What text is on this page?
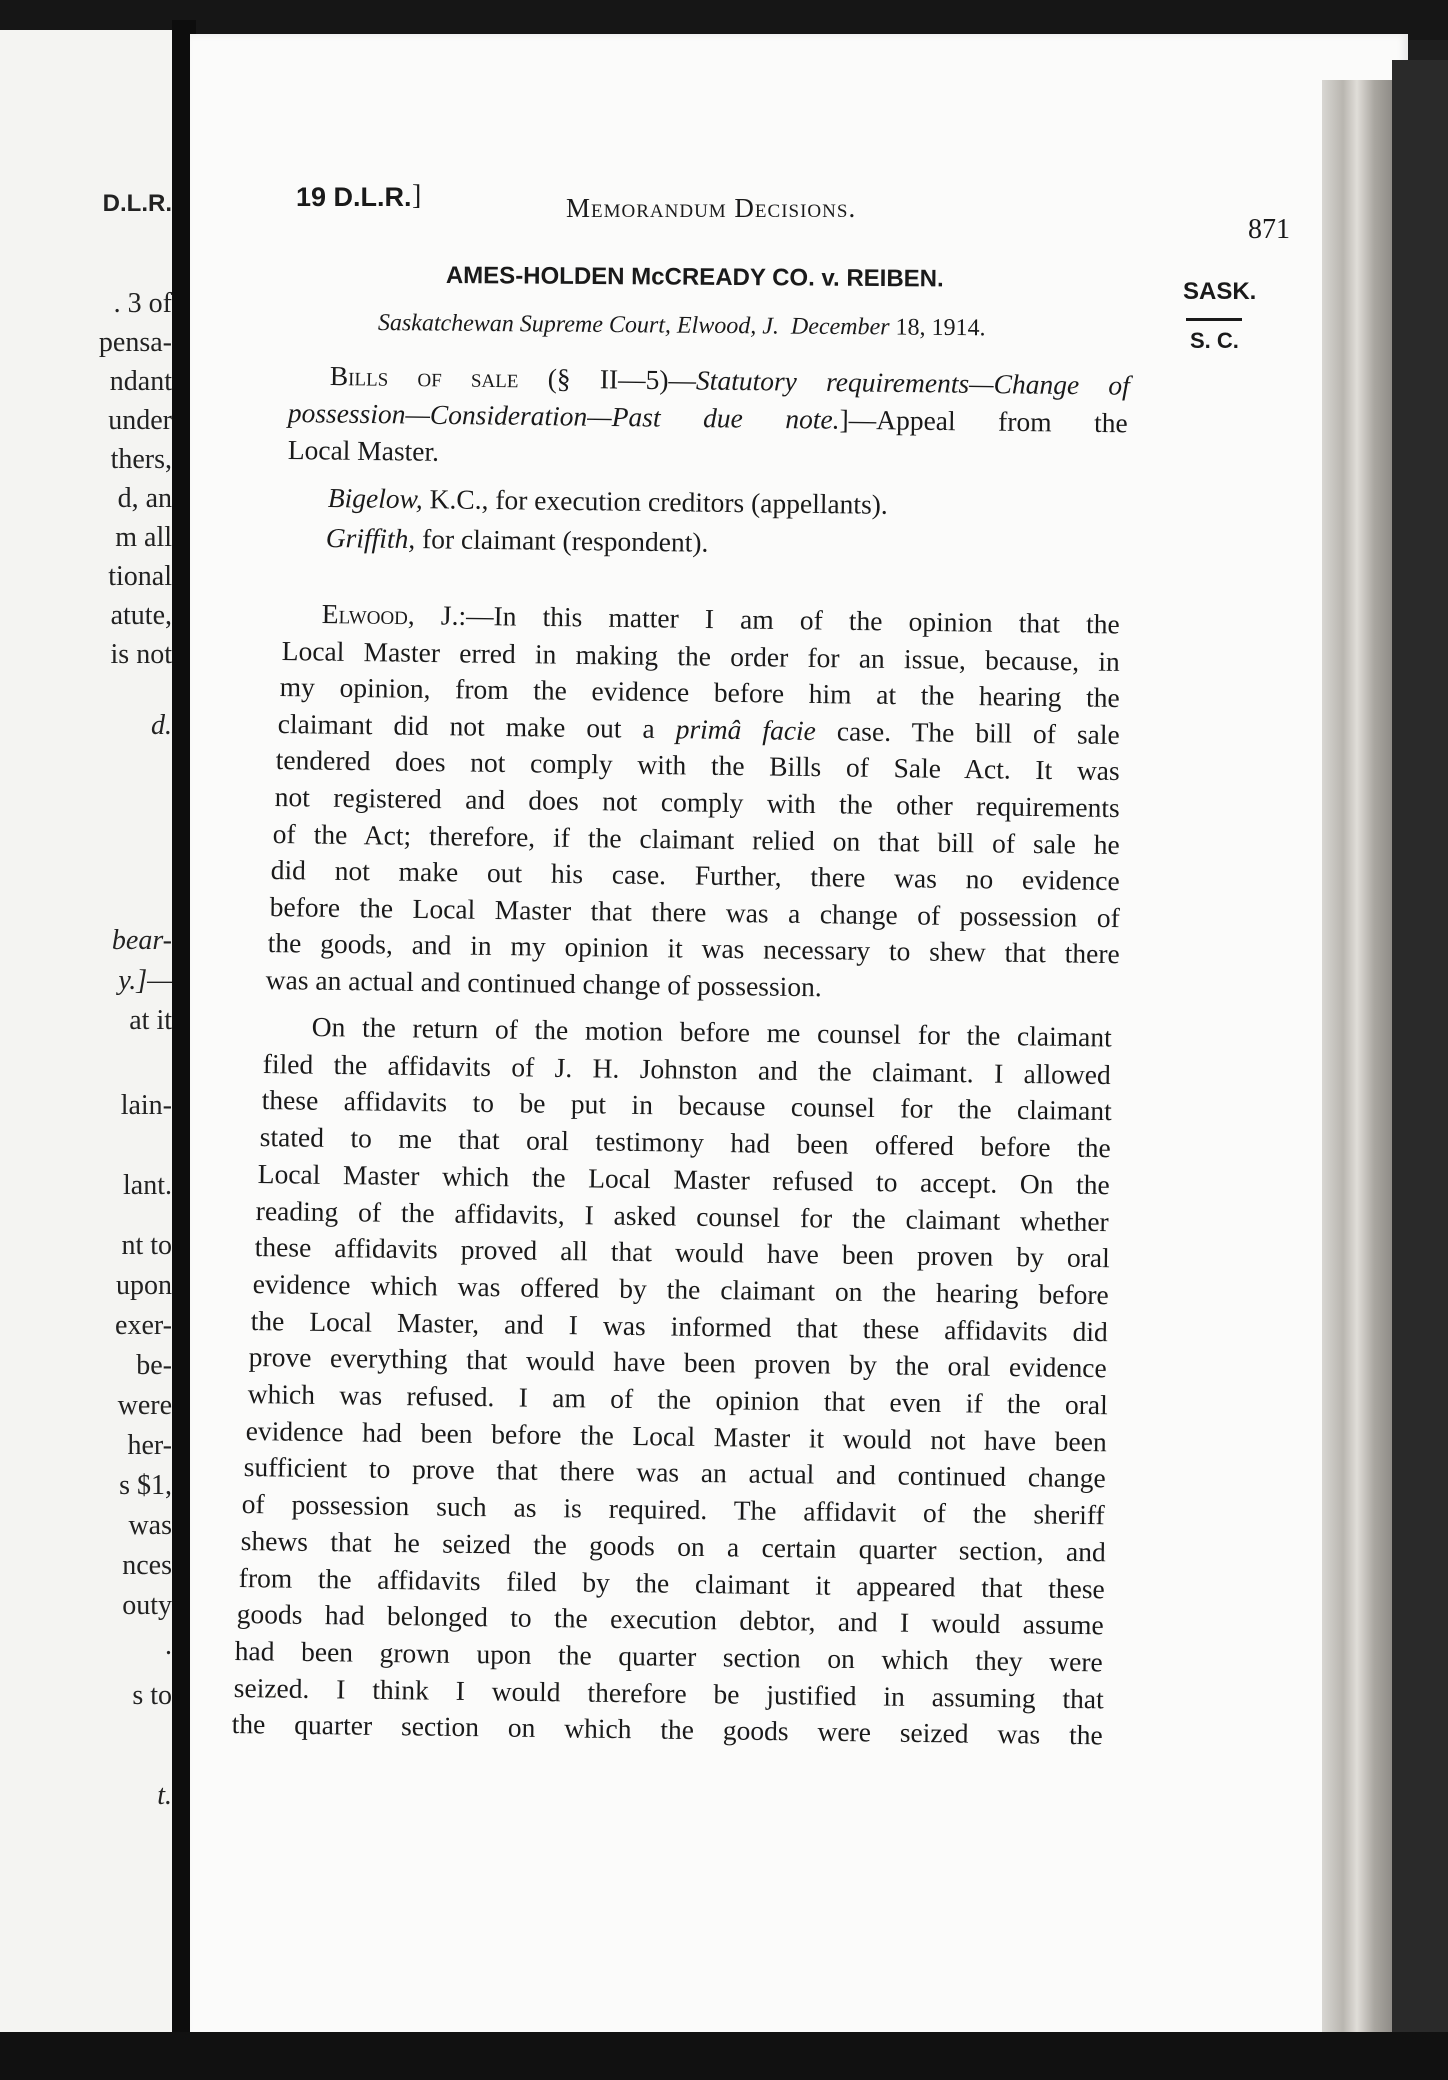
D.L.R.
. 3 of
pensa-
ndant
under
thers,
d, an
m all
tional
atute,
is not
d.
bear-
y.]—
at it
lain-
lant.
nt to
upon
exer-
be-
were
her-
s $1,
was
nces
outy
.
s to
t.
19 D.L.R. ]	Memorandum Decisions.
871
AMES-HOLDEN McCREADY CO. v. REIBEN.
Saskatchewan Supreme Court, Elwood, J. December 18, 1914.
SASK.
S. C.
Bills of sale (§ II—5)—Statutory requirements—Change of
possession—Consideration—Past due note.]—Appeal from the
Local Master.
Bigelow, K.C., for execution creditors (appellants).
Griffith, for claimant (respondent).
Elwood, J.:—In this matter I am of the opinion that the
Local Master erred in making the order for an issue, because, in
my opinion, from the evidence before him at the hearing the
claimant did not make out a primâ facie case. The bill of sale
tendered does not comply with the Bills of Sale Act. It was
not registered and does not comply with the other requirements
of the Act; therefore, if the claimant relied on that bill of sale he
did not make out his case. Further, there was no evidence
before the Local Master that there was a change of possession of
the goods, and in my opinion it was necessary to shew that there
was an actual and continued change of possession.
On the return of the motion before me counsel for the claimant
filed the affidavits of J. H. Johnston and the claimant. I allowed
these affidavits to be put in because counsel for the claimant
stated to me that oral testimony had been offered before the
Local Master which the Local Master refused to accept. On the
reading of the affidavits, I asked counsel for the claimant whether
these affidavits proved all that would have been proven by oral
evidence which was offered by the claimant on the hearing before
the Local Master, and I was informed that these affidavits did
prove everything that would have been proven by the oral evidence
which was refused. I am of the opinion that even if the oral
evidence had been before the Local Master it would not have been
sufficient to prove that there was an actual and continued change
of possession such as is required. The affidavit of the sheriff
shews that he seized the goods on a certain quarter section, and
from the affidavits filed by the claimant it appeared that these
goods had belonged to the execution debtor, and I would assume
had been grown upon the quarter section on which they were
seized. I think I would therefore be justified in assuming that
the quarter section on which the goods were seized was the
